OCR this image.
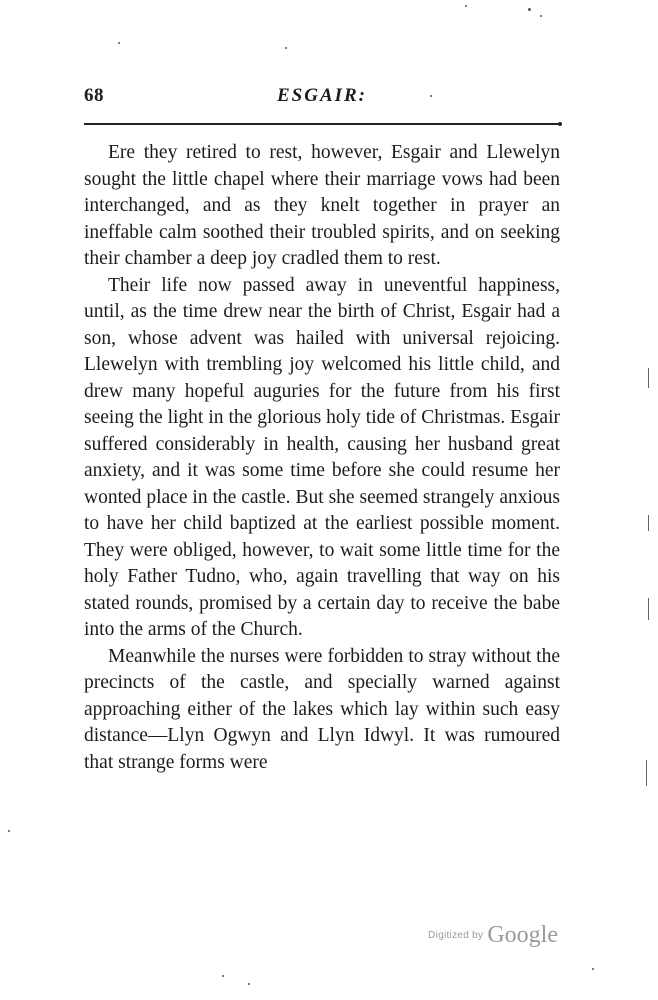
68	ESGAIR:

Ere they retired to rest, however, Esgair and Llewelyn sought the little chapel where their marriage vows had been interchanged, and as they knelt together in prayer an ineffable calm soothed their troubled spirits, and on seeking their chamber a deep joy cradled them to rest.

Their life now passed away in uneventful happiness, until, as the time drew near the birth of Christ, Esgair had a son, whose advent was hailed with universal rejoicing. Llewelyn with trembling joy welcomed his little child, and drew many hopeful auguries for the future from his first seeing the light in the glorious holy tide of Christmas. Esgair suffered considerably in health, causing her husband great anxiety, and it was some time before she could resume her wonted place in the castle. But she seemed strangely anxious to have her child baptized at the earliest possible moment. They were obliged, however, to wait some little time for the holy Father Tudno, who, again travelling that way on his stated rounds, promised by a certain day to receive the babe into the arms of the Church.

Meanwhile the nurses were forbidden to stray without the precincts of the castle, and specially warned against approaching either of the lakes which lay within such easy distance—Llyn Ogwyn and Llyn Idwyl. It was rumoured that strange forms were

Digitized by Google
